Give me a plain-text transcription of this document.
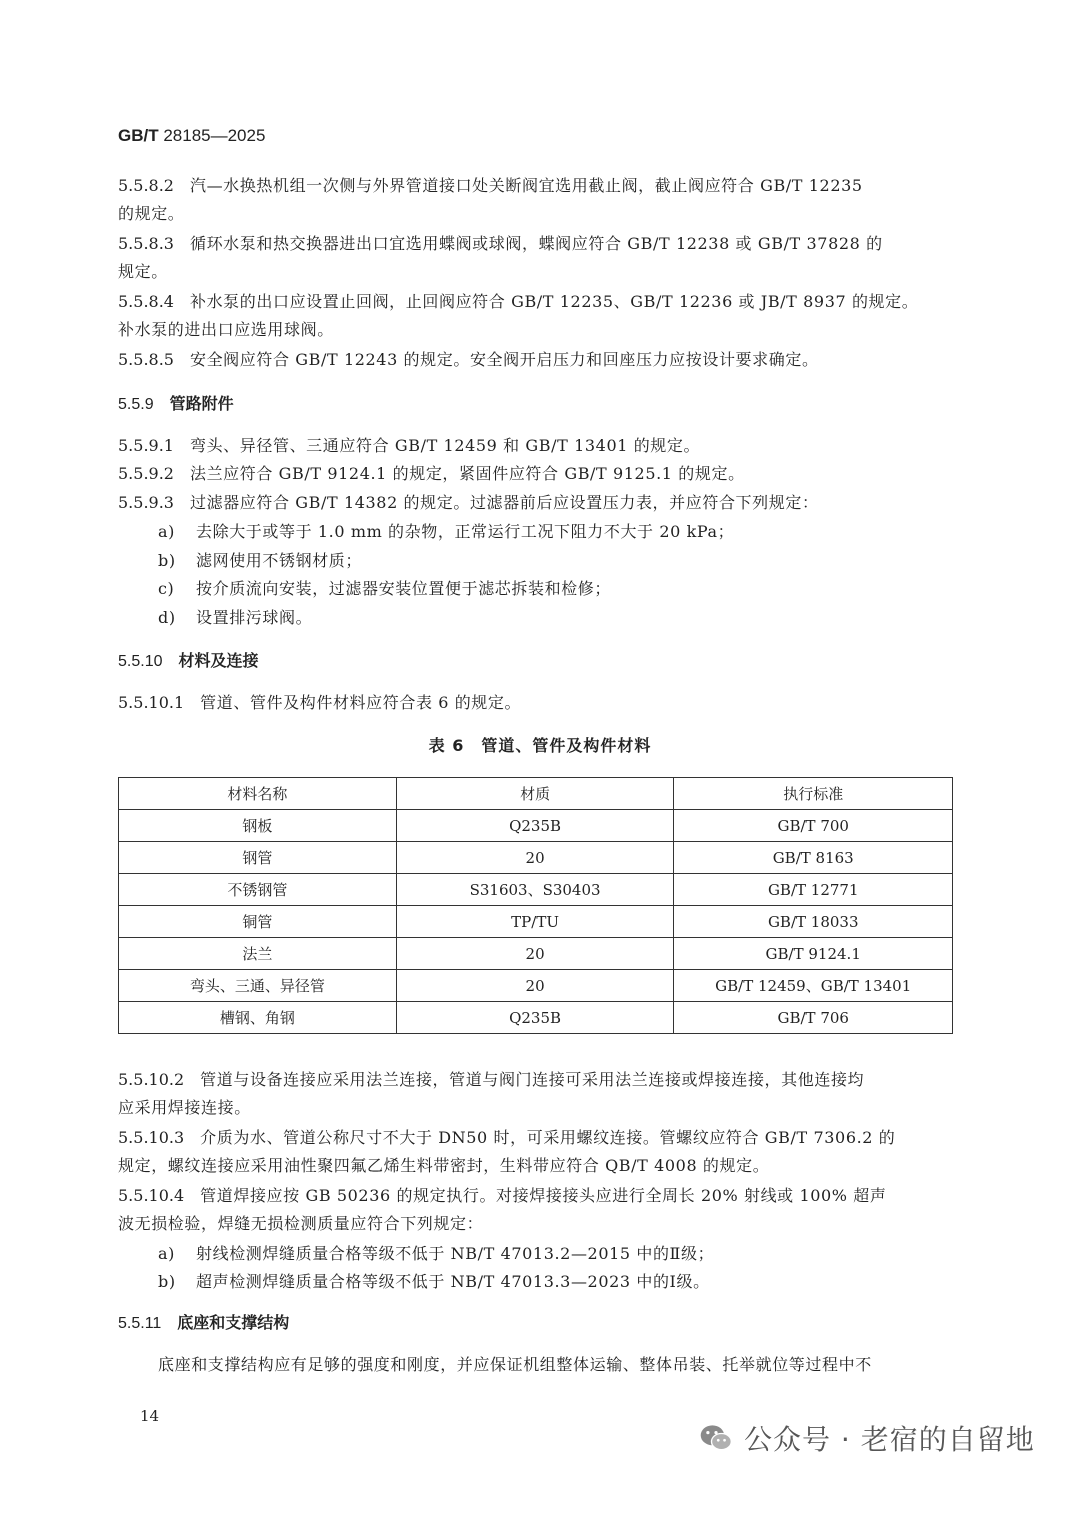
GB/T 28185—2025
5.5.8.2 汽—水换热机组一次侧与外界管道接口处关断阀宜选用截止阀，截止阀应符合 GB/T 12235
的规定。
5.5.8.3 循环水泵和热交换器进出口宜选用蝶阀或球阀，蝶阀应符合 GB/T 12238 或 GB/T 37828 的
规定。
5.5.8.4 补水泵的出口应设置止回阀，止回阀应符合 GB/T 12235、GB/T 12236 或 JB/T 8937 的规定。
补水泵的进出口应选用球阀。
5.5.8.5 安全阀应符合 GB/T 12243 的规定。安全阀开启压力和回座压力应按设计要求确定。
5.5.9 管路附件
5.5.9.1 弯头、异径管、三通应符合 GB/T 12459 和 GB/T 13401 的规定。
5.5.9.2 法兰应符合 GB/T 9124.1 的规定，紧固件应符合 GB/T 9125.1 的规定。
5.5.9.3 过滤器应符合 GB/T 14382 的规定。过滤器前后应设置压力表，并应符合下列规定：
a) 去除大于或等于 1.0 mm 的杂物，正常运行工况下阻力不大于 20 kPa；
b) 滤网使用不锈钢材质；
c) 按介质流向安装，过滤器安装位置便于滤芯拆装和检修；
d) 设置排污球阀。
5.5.10 材料及连接
5.5.10.1 管道、管件及构件材料应符合表 6 的规定。
表 6　管道、管件及构件材料
材料名称	材质	执行标准
钢板	Q235B	GB/T 700
钢管	20	GB/T 8163
不锈钢管	S31603、S30403	GB/T 12771
铜管	TP/TU	GB/T 18033
法兰	20	GB/T 9124.1
弯头、三通、异径管	20	GB/T 12459、GB/T 13401
槽钢、角钢	Q235B	GB/T 706
5.5.10.2 管道与设备连接应采用法兰连接，管道与阀门连接可采用法兰连接或焊接连接，其他连接均
应采用焊接连接。
5.5.10.3 介质为水、管道公称尺寸不大于 DN50 时，可采用螺纹连接。管螺纹应符合 GB/T 7306.2 的
规定，螺纹连接应采用油性聚四氟乙烯生料带密封，生料带应符合 QB/T 4008 的规定。
5.5.10.4 管道焊接应按 GB 50236 的规定执行。对接焊接接头应进行全周长 20% 射线或 100% 超声
波无损检验，焊缝无损检测质量应符合下列规定：
a) 射线检测焊缝质量合格等级不低于 NB/T 47013.2—2015 中的Ⅱ级；
b) 超声检测焊缝质量合格等级不低于 NB/T 47013.3—2023 中的Ⅰ级。
5.5.11 底座和支撑结构
底座和支撑结构应有足够的强度和刚度，并应保证机组整体运输、整体吊装、托举就位等过程中不
14
公众号 · 老宿的自留地
